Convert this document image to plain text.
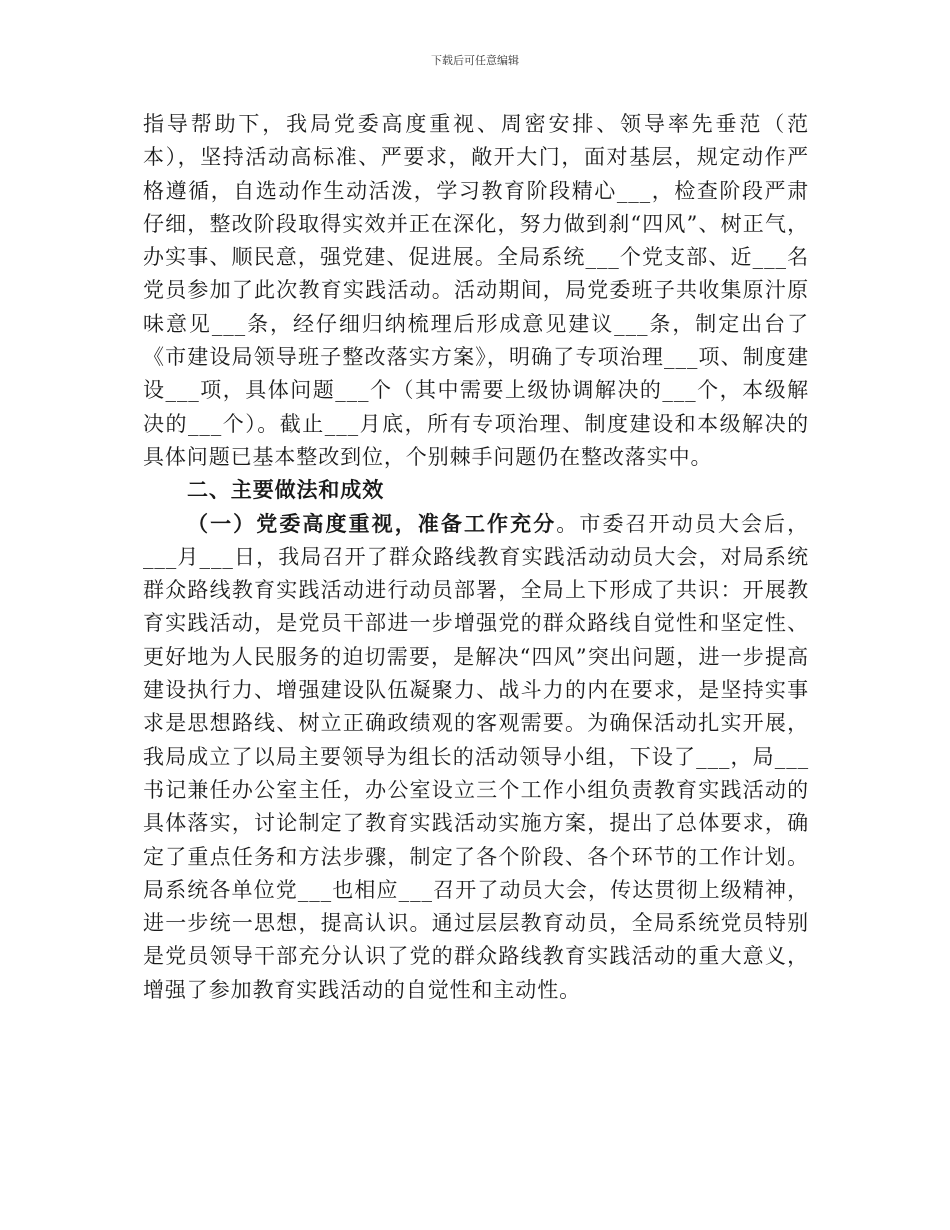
下载后可任意编辑

指导帮助下，我局党委高度重视、周密安排、领导率先垂范（范本），坚持活动高标准、严要求，敞开大门，面对基层，规定动作严格遵循，自选动作生动活泼，学习教育阶段精心___，检查阶段严肃仔细，整改阶段取得实效并正在深化，努力做到刹“四风”、树正气，办实事、顺民意，强党建、促进展。全局系统___个党支部、近___名党员参加了此次教育实践活动。活动期间，局党委班子共收集原汁原味意见___条，经仔细归纳梳理后形成意见建议___条，制定出台了《市建设局领导班子整改落实方案》，明确了专项治理___项、制度建设___项，具体问题___个（其中需要上级协调解决的___个，本级解决的___个）。截止___月底，所有专项治理、制度建设和本级解决的具体问题已基本整改到位，个别棘手问题仍在整改落实中。

二、主要做法和成效

（一）党委高度重视，准备工作充分。市委召开动员大会后，___月___日，我局召开了群众路线教育实践活动动员大会，对局系统群众路线教育实践活动进行动员部署，全局上下形成了共识：开展教育实践活动，是党员干部进一步增强党的群众路线自觉性和坚定性、更好地为人民服务的迫切需要，是解决“四风”突出问题，进一步提高建设执行力、增强建设队伍凝聚力、战斗力的内在要求，是坚持实事求是思想路线、树立正确政绩观的客观需要。为确保活动扎实开展，我局成立了以局主要领导为组长的活动领导小组，下设了___，局___书记兼任办公室主任，办公室设立三个工作小组负责教育实践活动的具体落实，讨论制定了教育实践活动实施方案，提出了总体要求，确定了重点任务和方法步骤，制定了各个阶段、各个环节的工作计划。局系统各单位党___也相应___召开了动员大会，传达贯彻上级精神，进一步统一思想，提高认识。通过层层教育动员，全局系统党员特别是党员领导干部充分认识了党的群众路线教育实践活动的重大意义，增强了参加教育实践活动的自觉性和主动性。
